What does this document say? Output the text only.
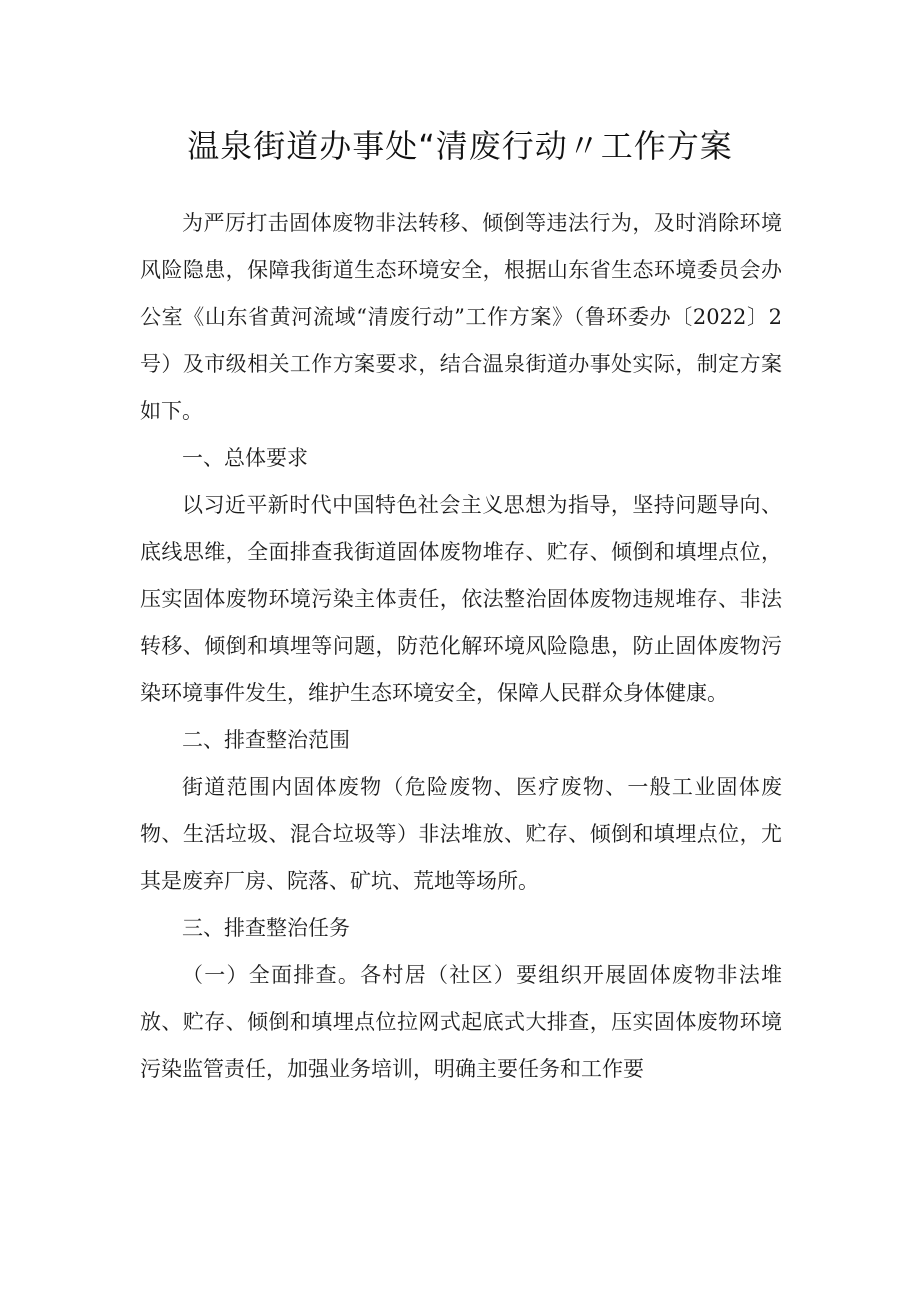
温泉街道办事处“清废行动〃工作方案

为严厉打击固体废物非法转移、倾倒等违法行为，及时消除环境风险隐患，保障我街道生态环境安全，根据山东省生态环境委员会办公室《山东省黄河流域“清废行动”工作方案》（鲁环委办〔2022〕2号）及市级相关工作方案要求，结合温泉街道办事处实际，制定方案如下。

一、总体要求

以习近平新时代中国特色社会主义思想为指导，坚持问题导向、底线思维，全面排查我街道固体废物堆存、贮存、倾倒和填埋点位，压实固体废物环境污染主体责任，依法整治固体废物违规堆存、非法转移、倾倒和填埋等问题，防范化解环境风险隐患，防止固体废物污染环境事件发生，维护生态环境安全，保障人民群众身体健康。

二、排查整治范围

街道范围内固体废物（危险废物、医疗废物、一般工业固体废物、生活垃圾、混合垃圾等）非法堆放、贮存、倾倒和填埋点位，尤其是废弃厂房、院落、矿坑、荒地等场所。

三、排查整治任务

（一）全面排查。各村居（社区）要组织开展固体废物非法堆放、贮存、倾倒和填埋点位拉网式起底式大排查，压实固体废物环境污染监管责任，加强业务培训，明确主要任务和工作要
